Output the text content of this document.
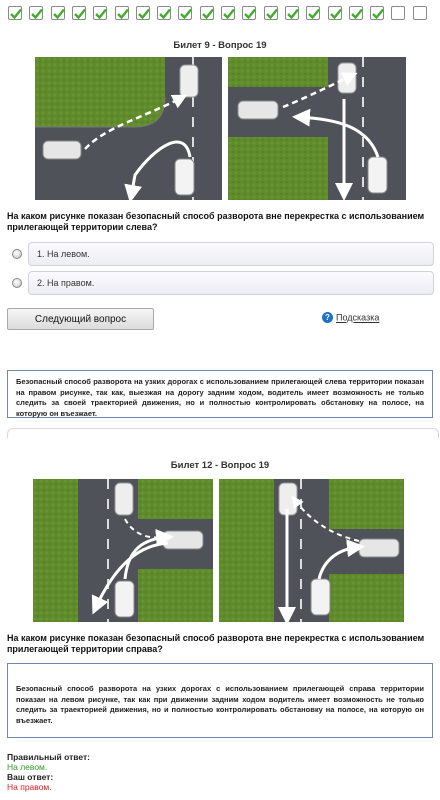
Билет 9 - Вопрос 19
На каком рисунке показан безопасный способ разворота вне перекрестка с использованием прилегающей территории слева?
1. На левом.
2. На правом.
Следующий вопрос	? Подсказка
Безопасный способ разворота на узких дорогах с использованием прилегающей слева территории показан на правом рисунке, так как, выезжая на дорогу задним ходом, водитель имеет возможность не только следить за своей траекторией движения, но и полностью контролировать обстановку на полосе, на которую он въезжает.
Билет 12 - Вопрос 19
На каком рисунке показан безопасный способ разворота вне перекрестка с использованием прилегающей территории справа?
Безопасный способ разворота на узких дорогах с использованием прилегающей справа территории показан на левом рисунке, так как при движении задним ходом водитель имеет возможность не только следить за траекторией движения, но и полностью контролировать обстановку на полосе, на которую он въезжает.
Правильный ответ:
На левом.
Ваш ответ:
На правом.
